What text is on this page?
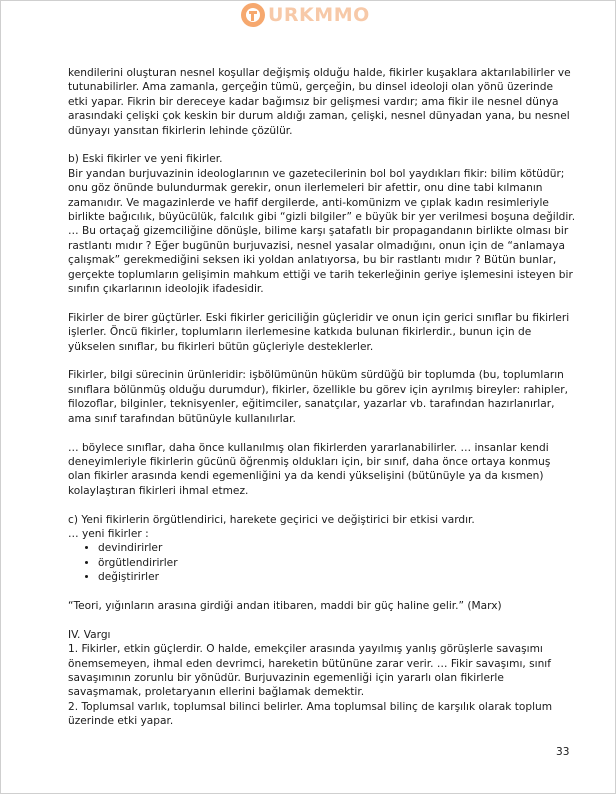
URKMMO

kendilerini oluşturan nesnel koşullar değişmiş olduğu halde, fikirler kuşaklara aktarılabilirler ve tutunabilirler. Ama zamanla, gerçeğin tümü, gerçeğin, bu dinsel ideoloji olan yönü üzerinde etki yapar. Fikrin bir dereceye kadar bağımsız bir gelişmesi vardır; ama fikir ile nesnel dünya arasındaki çelişki çok keskin bir durum aldığı zaman, çelişki, nesnel dünyadan yana, bu nesnel dünyayı yansıtan fikirlerin lehinde çözülür.

b) Eski fikirler ve yeni fikirler.

Bir yandan burjuvazinin ideologlarının ve gazetecilerinin bol bol yaydıkları fikir: bilim kötüdür; onu göz önünde bulundurmak gerekir, onun ilerlemeleri bir afettir, onu dine tabi kılmanın zamanıdır. Ve magazinlerde ve hafif dergilerde, anti-komünizm ve çıplak kadın resimleriyle birlikte bağıcılık, büyücülük, falcılık gibi “gizli bilgiler” e büyük bir yer verilmesi boşuna değildir. … Bu ortaçağ gizemciliğine dönüşle, bilime karşı şatafatlı bir propagandanın birlikte olması bir rastlantı mıdır ? Eğer bugünün burjuvazisi, nesnel yasalar olmadığını, onun için de “anlamaya çalışmak” gerekmediğini seksen iki yoldan anlatıyorsa, bu bir rastlantı mıdır ? Bütün bunlar, gerçekte toplumların gelişimin mahkum ettiği ve tarih tekerleğinin geriye işlemesini isteyen bir sınıfın çıkarlarının ideolojik ifadesidir.

Fikirler de birer güçtürler. Eski fikirler gericiliğin güçleridir ve onun için gerici sınıflar bu fikirleri işlerler. Öncü fikirler, toplumların ilerlemesine katkıda bulunan fikirlerdir., bunun için de yükselen sınıflar, bu fikirleri bütün güçleriyle desteklerler.

Fikirler, bilgi sürecinin ürünleridir: işbölümünün hüküm sürdüğü bir toplumda (bu, toplumların sınıflara bölünmüş olduğu durumdur), fikirler, özellikle bu görev için ayrılmış bireyler: rahipler, filozoflar, bilginler, teknisyenler, eğitimciler, sanatçılar, yazarlar vb. tarafından hazırlanırlar, ama sınıf tarafından bütünüyle kullanılırlar.

… böylece sınıflar, daha önce kullanılmış olan fikirlerden yararlanabilirler. … insanlar kendi deneyimleriyle fikirlerin gücünü öğrenmiş oldukları için, bir sınıf, daha önce ortaya konmuş olan fikirler arasında kendi egemenliğini ya da kendi yükselişini (bütünüyle ya da kısmen) kolaylaştıran fikirleri ihmal etmez.

c) Yeni fikirlerin örgütlendirici, harekete geçirici ve değiştirici bir etkisi vardır.

… yeni fikirler :

• devindirirler
• örgütlendirirler
• değiştirirler

“Teori, yığınların arasına girdiği andan itibaren, maddi bir güç haline gelir.” (Marx)

IV. Vargı

1. Fikirler, etkin güçlerdir. O halde, emekçiler arasında yayılmış yanlış görüşlerle savaşımı önemsemeyen, ihmal eden devrimci, hareketin bütününe zarar verir. … Fikir savaşımı, sınıf savaşımının zorunlu bir yönüdür. Burjuvazinin egemenliği için yararlı olan fikirlerle savaşmamak, proletaryanın ellerini bağlamak demektir.

2. Toplumsal varlık, toplumsal bilinci belirler. Ama toplumsal bilinç de karşılık olarak toplum üzerinde etki yapar.

33
